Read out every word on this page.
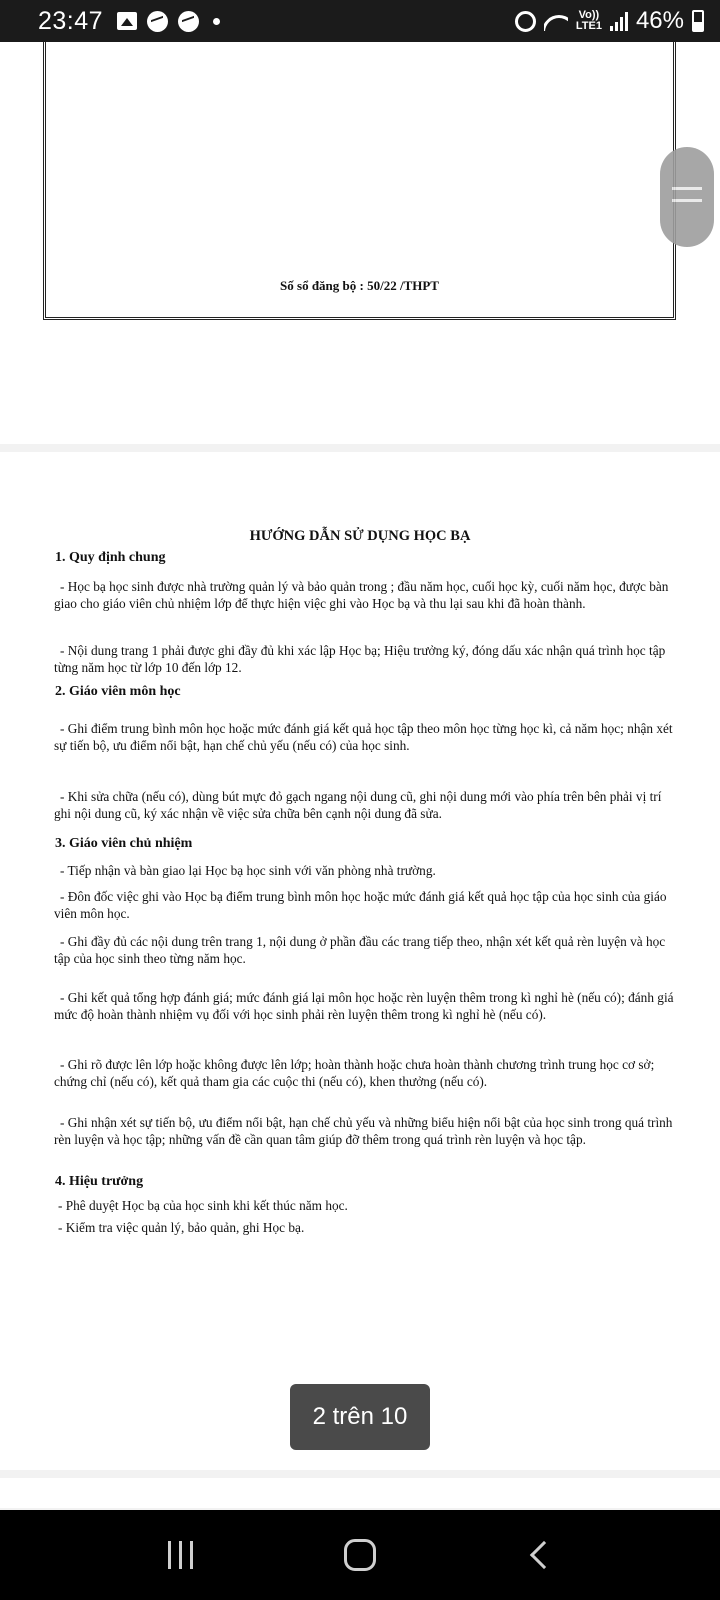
23:47	Vo))
LTE1 46%
Số sổ đăng bộ : 50/22 /THPT
HƯỚNG DẪN SỬ DỤNG HỌC BẠ
1. Quy định chung
- Học bạ học sinh được nhà trường quản lý và bảo quản trong ; đầu năm học, cuối học kỳ, cuối năm học, được bàn giao cho giáo viên chủ nhiệm lớp để thực hiện việc ghi vào Học bạ và thu lại sau khi đã hoàn thành.
- Nội dung trang 1 phải được ghi đầy đủ khi xác lập Học bạ; Hiệu trưởng ký, đóng dấu xác nhận quá trình học tập từng năm học từ lớp 10 đến lớp 12.
2. Giáo viên môn học
- Ghi điểm trung bình môn học hoặc mức đánh giá kết quả học tập theo môn học từng học kì, cả năm học; nhận xét sự tiến bộ, ưu điểm nổi bật, hạn chế chủ yếu (nếu có) của học sinh.
- Khi sửa chữa (nếu có), dùng bút mực đỏ gạch ngang nội dung cũ, ghi nội dung mới vào phía trên bên phải vị trí ghi nội dung cũ, ký xác nhận về việc sửa chữa bên cạnh nội dung đã sửa.
3. Giáo viên chủ nhiệm
- Tiếp nhận và bàn giao lại Học bạ học sinh với văn phòng nhà trường.
- Đôn đốc việc ghi vào Học bạ điểm trung bình môn học hoặc mức đánh giá kết quả học tập của học sinh của giáo viên môn học.
- Ghi đầy đủ các nội dung trên trang 1, nội dung ở phần đầu các trang tiếp theo, nhận xét kết quả rèn luyện và học tập của học sinh theo từng năm học.
- Ghi kết quả tổng hợp đánh giá; mức đánh giá lại môn học hoặc rèn luyện thêm trong kì nghỉ hè (nếu có); đánh giá mức độ hoàn thành nhiệm vụ đối với học sinh phải rèn luyện thêm trong kì nghỉ hè (nếu có).
- Ghi rõ được lên lớp hoặc không được lên lớp; hoàn thành hoặc chưa hoàn thành chương trình trung học cơ sở; chứng chỉ (nếu có), kết quả tham gia các cuộc thi (nếu có), khen thưởng (nếu có).
- Ghi nhận xét sự tiến bộ, ưu điểm nổi bật, hạn chế chủ yếu và những biểu hiện nổi bật của học sinh trong quá trình rèn luyện và học tập; những vấn đề cần quan tâm giúp đỡ thêm trong quá trình rèn luyện và học tập.
4. Hiệu trưởng
- Phê duyệt Học bạ của học sinh khi kết thúc năm học.
- Kiểm tra việc quản lý, bảo quản, ghi Học bạ.
2 trên 10
